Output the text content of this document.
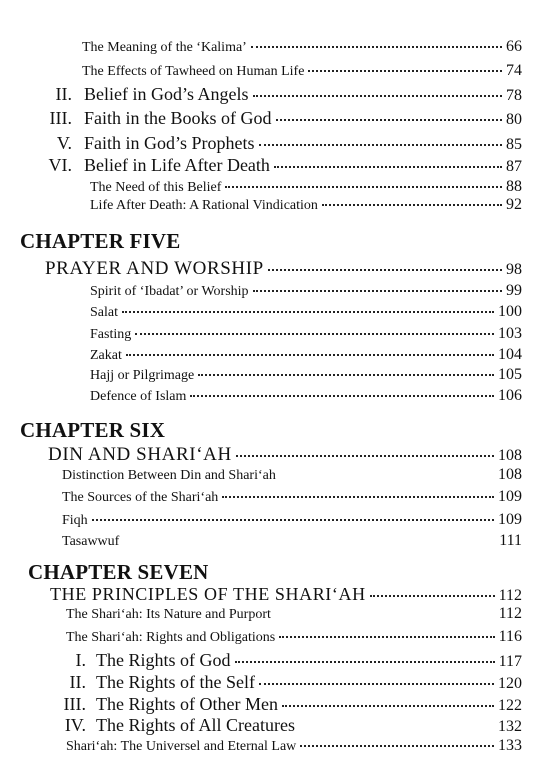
The Meaning of the ‘Kalima’	66
The Effects of Tawheed on Human Life	74
II. Belief in God’s Angels	78
III. Faith in the Books of God	80
V. Faith in God’s Prophets	85
VI. Belief in Life After Death	87
The Need of this Belief	88
Life After Death: A Rational Vindication	92
CHAPTER FIVE
PRAYER AND WORSHIP	98
Spirit of ‘Ibadat’ or Worship	99
Salat	100
Fasting	103
Zakat	104
Hajj or Pilgrimage	105
Defence of Islam	106
CHAPTER SIX
DIN AND SHARI‘AH	108
Distinction Between Din and Shari‘ah	108
The Sources of the Shari‘ah	109
Fiqh	109
Tasawwuf	111
CHAPTER SEVEN
THE PRINCIPLES OF THE SHARI‘AH	112
The Shari‘ah: Its Nature and Purport	112
The Shari‘ah: Rights and Obligations	116
I. The Rights of God	117
II. The Rights of the Self	120
III. The Rights of Other Men	122
IV. The Rights of All Creatures	132
Shari‘ah: The Universel and Eternal Law	133
